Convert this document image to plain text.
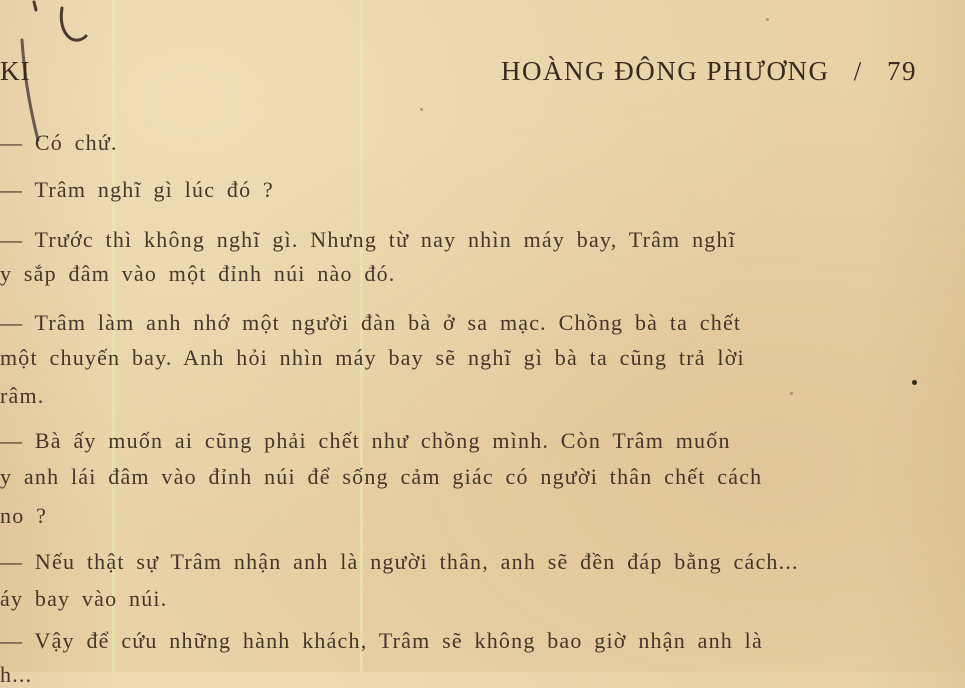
KI	HOÀNG ĐÔNG PHƯƠNG / 79
— Có chứ.
— Trâm nghĩ gì lúc đó ?
— Trước thì không nghĩ gì. Nhưng từ nay nhìn máy bay, Trâm nghĩ
y sắp đâm vào một đỉnh núi nào đó.
— Trâm làm anh nhớ một người đàn bà ở sa mạc. Chồng bà ta chết
một chuyến bay. Anh hỏi nhìn máy bay sẽ nghĩ gì bà ta cũng trả lời
râm.
— Bà ấy muốn ai cũng phải chết như chồng mình. Còn Trâm muốn
y anh lái đâm vào đỉnh núi để sống cảm giác có người thân chết cách
no ?
— Nếu thật sự Trâm nhận anh là người thân, anh sẽ đền đáp bằng cách...
áy bay vào núi.
— Vậy để cứu những hành khách, Trâm sẽ không bao giờ nhận anh là
h...
